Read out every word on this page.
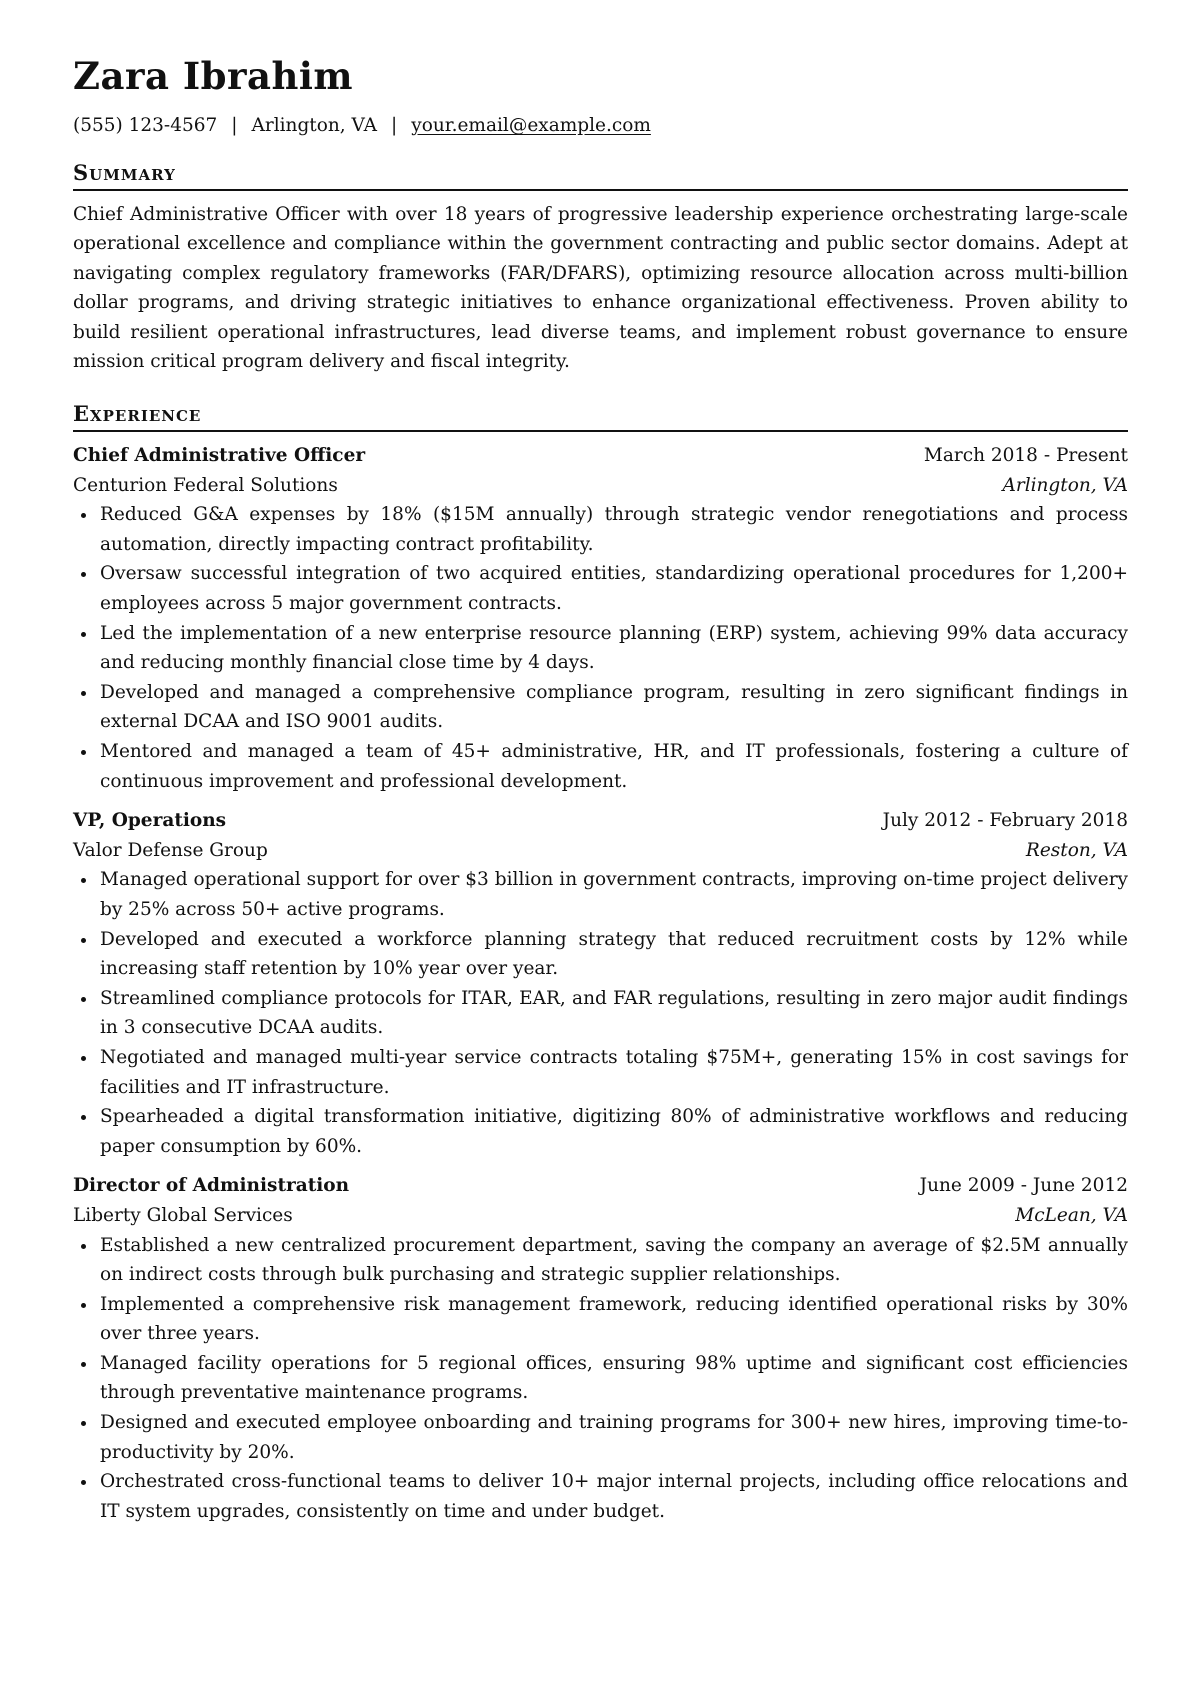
Zara Ibrahim
(555) 123-4567 | Arlington, VA | your.email@example.com
Summary

Chief Administrative Officer with over 18 years of progressive leadership experience orchestrating large-scale operational excellence and compliance within the government contracting and public sector domains. Adept at navigating complex regulatory frameworks (FAR/DFARS), optimizing resource allocation across multi-billion dollar programs, and driving strategic initiatives to enhance organizational effectiveness. Proven ability to build resilient operational infrastructures, lead diverse teams, and implement robust governance to ensure mission critical program delivery and fiscal integrity.

Experience
Chief Administrative Officer	March 2018 - Present
Centurion Federal Solutions	Arlington, VA
Reduced G&A expenses by 18% ($15M annually) through strategic vendor renegotiations and process automation, directly impacting contract profitability.
Oversaw successful integration of two acquired entities, standardizing operational procedures for 1,200+ employees across 5 major government contracts.
Led the implementation of a new enterprise resource planning (ERP) system, achieving 99% data accuracy and reducing monthly financial close time by 4 days.
Developed and managed a comprehensive compliance program, resulting in zero significant findings in external DCAA and ISO 9001 audits.
Mentored and managed a team of 45+ administrative, HR, and IT professionals, fostering a culture of continuous improvement and professional development.
VP, Operations	July 2012 - February 2018
Valor Defense Group	Reston, VA
Managed operational support for over $3 billion in government contracts, improving on-time project delivery by 25% across 50+ active programs.
Developed and executed a workforce planning strategy that reduced recruitment costs by 12% while increasing staff retention by 10% year over year.
Streamlined compliance protocols for ITAR, EAR, and FAR regulations, resulting in zero major audit findings in 3 consecutive DCAA audits.
Negotiated and managed multi-year service contracts totaling $75M+, generating 15% in cost savings for facilities and IT infrastructure.
Spearheaded a digital transformation initiative, digitizing 80% of administrative workflows and reducing paper consumption by 60%.
Director of Administration	June 2009 - June 2012
Liberty Global Services	McLean, VA
Established a new centralized procurement department, saving the company an average of $2.5M annually on indirect costs through bulk purchasing and strategic supplier relationships.
Implemented a comprehensive risk management framework, reducing identified operational risks by 30% over three years.
Managed facility operations for 5 regional offices, ensuring 98% uptime and significant cost efficiencies through preventative maintenance programs.
Designed and executed employee onboarding and training programs for 300+ new hires, improving time-to-productivity by 20%.
Orchestrated cross-functional teams to deliver 10+ major internal projects, including office relocations and IT system upgrades, consistently on time and under budget.
